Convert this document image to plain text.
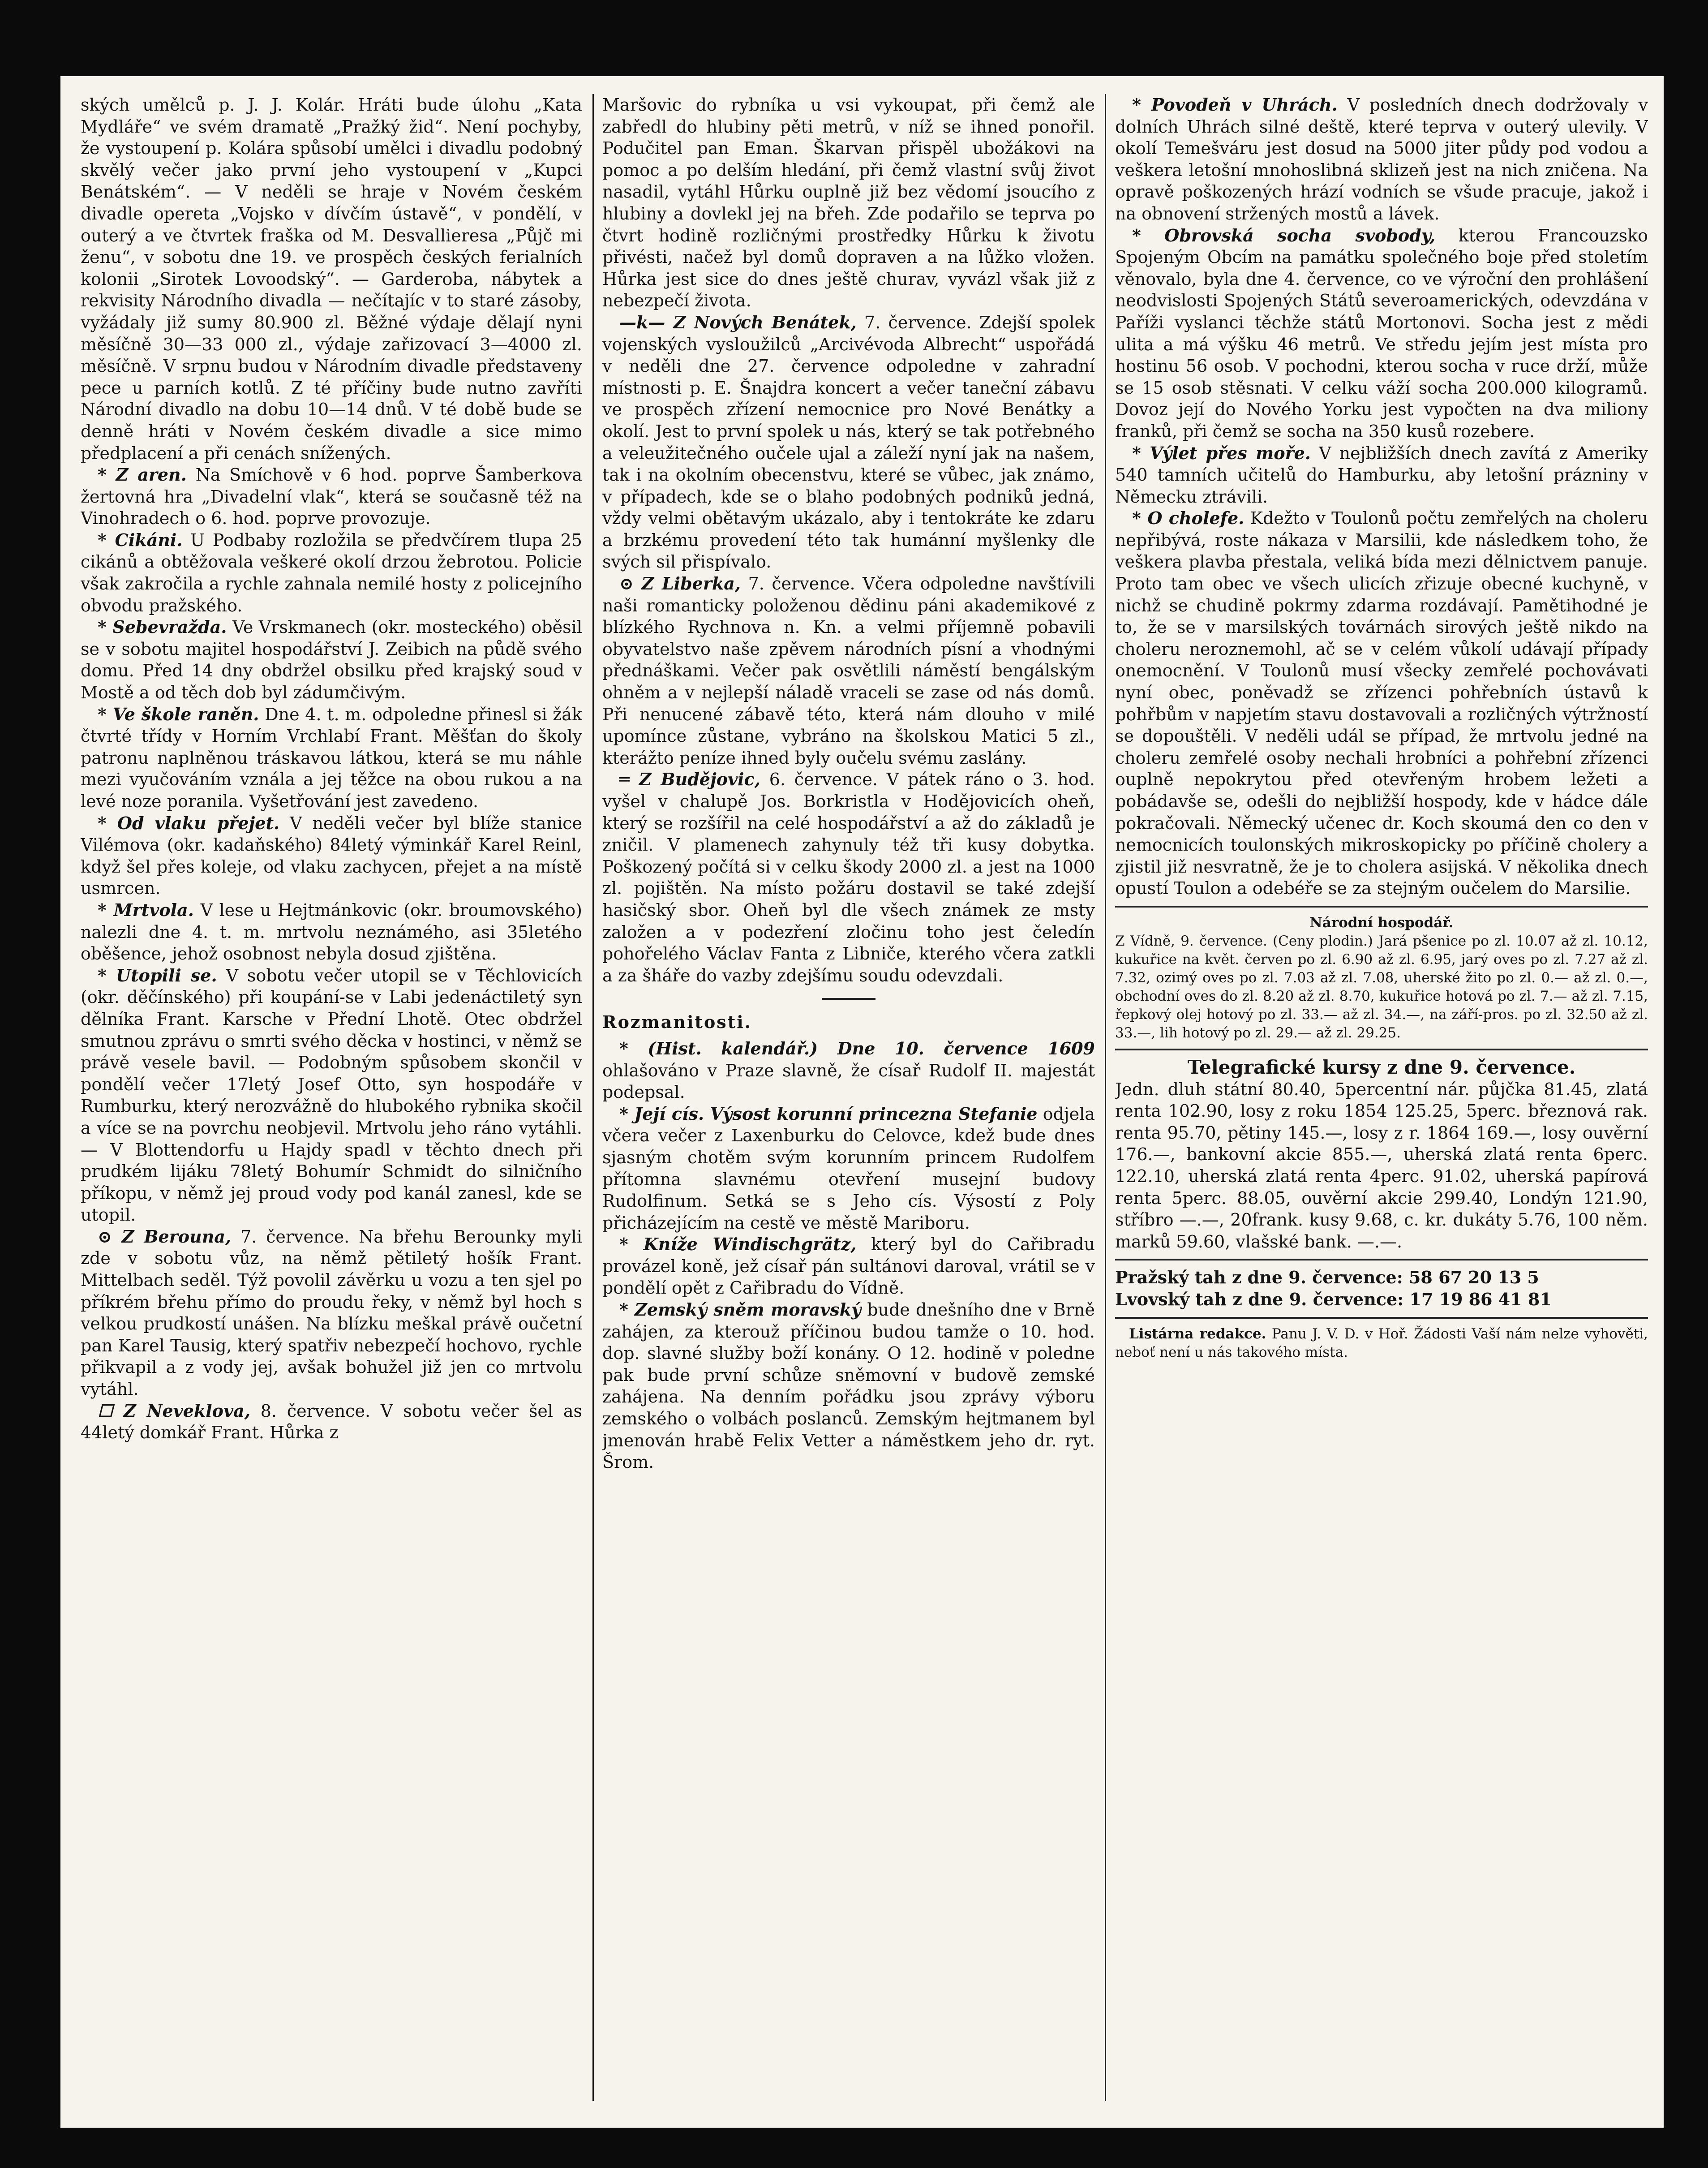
ských umělců p. J. J. Kolár. Hráti bude úlohu „Kata Mydláře“ ve svém dramatě „Pražký žid“. Není pochyby, že vystoupení p. Kolára spůsobí umělci i divadlu podobný skvělý večer jako první jeho vystoupení v „Kupci Benátském“. — V neděli se hraje v Novém českém divadle opereta „Vojsko v dívčím ústavě“, v pondělí, v outerý a ve čtvrtek fraška od M. Desvallieresa „Půjč mi ženu“, v sobotu dne 19. ve prospěch českých ferialních kolonii „Sirotek Lovoodský“. — Garderoba, nábytek a rekvisity Národního divadla — nečítajíc v to staré zásoby, vyžádaly již sumy 80.900 zl. Běžné výdaje dělají nyni měsíčně 30—33 000 zl., výdaje zařizovací 3—4000 zl. měsíčně. V srpnu budou v Národním divadle představeny pece u parních kotlů. Z té příčiny bude nutno zavříti Národní divadlo na dobu 10—14 dnů. V té době bude se denně hráti v Novém českém divadle a sice mimo předplacení a při cenách snížených.

 * Z aren. Na Smíchově v 6 hod. poprve Šamberkova žertovná hra „Divadelní vlak“, která se současně též na Vinohradech o 6. hod. poprve provozuje.

 * Cikáni. U Podbaby rozložila se předvčírem tlupa 25 cikánů a obtěžovala veškeré okolí drzou žebrotou. Policie však zakročila a rychle zahnala nemilé hosty z policejního obvodu pražského.

 * Sebevražda. Ve Vrskmanech (okr. mosteckého) oběsil se v sobotu majitel hospodářství J. Zeibich na půdě svého domu. Před 14 dny obdržel obsilku před krajský soud v Mostě a od těch dob byl zádumčivým.

 * Ve škole raněn. Dne 4. t. m. odpoledne přinesl si žák čtvrté třídy v Horním Vrchlabí Frant. Měšťan do školy patronu naplněnou tráskavou látkou, která se mu náhle mezi vyučováním vznála a jej těžce na obou rukou a na levé noze poranila. Vyšetřování jest zavedeno.

 * Od vlaku přejet. V neděli večer byl blíže stanice Vilémova (okr. kadaňského) 84letý výminkář Karel Reinl, když šel přes koleje, od vlaku zachycen, přejet a na místě usmrcen.

 * Mrtvola. V lese u Hejtmánkovic (okr. broumovského) nalezli dne 4. t. m. mrtvolu neznámého, asi 35letého oběšence, jehož osobnost nebyla dosud zjištěna.

 * Utopili se. V sobotu večer utopil se v Těchlovicích (okr. děčínského) při koupání-se v Labi jedenáctiletý syn dělníka Frant. Karsche v Přední Lhotě. Otec obdržel smutnou zprávu o smrti svého děcka v hostinci, v němž se právě vesele bavil. — Podobným spůsobem skončil v pondělí večer 17letý Josef Otto, syn hospodáře v Rumburku, který nerozvážně do hlubokého rybnika skočil a více se na povrchu neobjevil. Mrtvolu jeho ráno vytáhli. — V Blottendorfu u Hajdy spadl v těchto dnech při prudkém lijáku 78letý Bohumír Schmidt do silničního příkopu, v němž jej proud vody pod kanál zanesl, kde se utopil.

 ⊙ Z Berouna, 7. července. Na břehu Berounky myli zde v sobotu vůz, na němž pětiletý hošík Frant. Mittelbach seděl. Týž povolil závěrku u vozu a ten sjel po příkrém břehu přímo do proudu řeky, v němž byl hoch s velkou prudkostí unášen. Na blízku meškal právě oučetní pan Karel Tausig, který spatřiv nebezpečí hochovo, rychle přikvapil a z vody jej, avšak bohužel již jen co mrtvolu vytáhl.

 ☐ Z Neveklova, 8. července. V sobotu večer šel as 44letý domkář Frant. Hůrka z

Maršovic do rybníka u vsi vykoupat, při čemž ale zabředl do hlubiny pěti metrů, v níž se ihned ponořil. Podučitel pan Eman. Škarvan přispěl ubožákovi na pomoc a po delším hledání, při čemž vlastní svůj život nasadil, vytáhl Hůrku ouplně již bez vědomí jsoucího z hlubiny a dovlekl jej na břeh. Zde podařilo se teprva po čtvrt hodině rozličnými prostředky Hůrku k životu přivésti, načež byl domů dopraven a na lůžko vložen. Hůrka jest sice do dnes ještě churav, vyvázl však již z nebezpečí života.

 —k— Z Nových Benátek, 7. července. Zdejší spolek vojenských vysloužilců „Arcivévoda Albrecht“ uspořádá v neděli dne 27. července odpoledne v zahradní místnosti p. E. Šnajdra koncert a večer taneční zábavu ve prospěch zřízení nemocnice pro Nové Benátky a okolí. Jest to první spolek u nás, který se tak potřebného a veleužitečného oučele ujal a záleží nyní jak na našem, tak i na okolním obecenstvu, které se vůbec, jak známo, v případech, kde se o blaho podobných podniků jedná, vždy velmi obětavým ukázalo, aby i tentokráte ke zdaru a brzkému provedení této tak humánní myšlenky dle svých sil přispívalo.

 ⊙ Z Liberka, 7. července. Včera odpoledne navštívili naši romanticky položenou dědinu páni akademikové z blízkého Rychnova n. Kn. a velmi příjemně pobavili obyvatelstvo naše zpěvem národních písní a vhodnými přednáškami. Večer pak osvětlili náměstí bengálským ohněm a v nejlepší náladě vraceli se zase od nás domů. Při nenucené zábavě této, která nám dlouho v milé upomínce zůstane, vybráno na školskou Matici 5 zl., kterážto peníze ihned byly oučelu svému zaslány.

 ═ Z Budějovic, 6. července. V pátek ráno o 3. hod. vyšel v chalupě Jos. Borkristla v Hodějovicích oheň, který se rozšířil na celé hospodářství a až do základů je zničil. V plamenech zahynuly též tři kusy dobytka. Poškozený počítá si v celku škody 2000 zl. a jest na 1000 zl. pojištěn. Na místo požáru dostavil se také zdejší hasičský sbor. Oheň byl dle všech známek ze msty založen a v podezření zločinu toho jest čeledín pohořelého Václav Fanta z Libniče, kterého včera zatkli a za šháře do vazby zdejšímu soudu odevzdali.

Rozmanitosti.

 * (Hist. kalendář.) Dne 10. července 1609 ohlašováno v Praze slavně, že císař Rudolf II. majestát podepsal.

 * Její cís. Výsost korunní princezna Stefanie odjela včera večer z Laxenburku do Celovce, kdež bude dnes sjasným chotěm svým korunním princem Rudolfem přítomna slavnému otevření musejní budovy Rudolfinum. Setká se s Jeho cís. Výsostí z Poly přicházejícím na cestě ve městě Mariboru.

 * Kníže Windischgrätz, který byl do Cařibradu provázel koně, jež císař pán sultánovi daroval, vrátil se v pondělí opět z Cařibradu do Vídně.

 * Zemský sněm moravský bude dnešního dne v Brně zahájen, za kterouž příčinou budou tamže o 10. hod. dop. slavné služby boží konány. O 12. hodině v poledne pak bude první schůze sněmovní v budově zemské zahájena. Na denním pořádku jsou zprávy výboru zemského o volbách poslanců. Zemským hejtmanem byl jmenován hrabě Felix Vetter a náměstkem jeho dr. ryt. Šrom.

 * Povodeň v Uhrách. V posledních dnech dodržovaly v dolních Uhrách silné deště, které teprva v outerý ulevily. V okolí Temešváru jest dosud na 5000 jiter půdy pod vodou a veškera letošní mnohoslibná sklizeň jest na nich zničena. Na opravě poškozených hrází vodních se všude pracuje, jakož i na obnovení stržených mostů a lávek.

 * Obrovská socha svobody, kterou Francouzsko Spojeným Obcím na památku společného boje před stoletím věnovalo, byla dne 4. července, co ve výroční den prohlášení neodvislosti Spojených Států severoamerických, odevzdána v Paříži vyslanci těchže států Mortonovi. Socha jest z mědi ulita a má výšku 46 metrů. Ve středu jejím jest místa pro hostinu 56 osob. V pochodni, kterou socha v ruce drží, může se 15 osob stěsnati. V celku váží socha 200.000 kilogramů. Dovoz její do Nového Yorku jest vypočten na dva miliony franků, při čemž se socha na 350 kusů rozebere.

 * Výlet přes moře. V nejbližších dnech zavítá z Ameriky 540 tamních učitelů do Hamburku, aby letošní prázniny v Německu ztrávili.

 * O cholefe. Kdežto v Toulonů počtu zemřelých na choleru nepřibývá, roste nákaza v Marsilii, kde následkem toho, že veškera plavba přestala, veliká bída mezi dělnictvem panuje. Proto tam obec ve všech ulicích zřizuje obecné kuchyně, v nichž se chudině pokrmy zdarma rozdávají. Pamětihodné je to, že se v marsilských továrnách sirových ještě nikdo na choleru neroznemohl, ač se v celém vůkolí udávají případy onemocnění. V Toulonů musí všecky zemřelé pochovávati nyní obec, poněvadž se zřízenci pohřebních ústavů k pohřbům v napjetím stavu dostavovali a rozličných výtržností se dopouštěli. V neděli udál se případ, že mrtvolu jedné na choleru zemřelé osoby nechali hrobníci a pohřební zřízenci ouplně nepokrytou před otevřeným hrobem ležeti a pobádavše se, odešli do nejbližší hospody, kde v hádce dále pokračovali. Německý učenec dr. Koch skoumá den co den v nemocnicích toulonských mikroskopicky po příčině cholery a zjistil již nesvratně, že je to cholera asijská. V několika dnech opustí Toulon a odebéře se za stejným oučelem do Marsilie.

Národní hospodář.

Z Vídně, 9. července. (Ceny plodin.) Jará pšenice po zl. 10.07 až zl. 10.12, kukuřice na květ. červen po zl. 6.90 až zl. 6.95, jarý oves po zl. 7.27 až zl. 7.32, ozimý oves po zl. 7.03 až zl. 7.08, uherské žito po zl. 0.— až zl. 0.—, obchodní oves do zl. 8.20 až zl. 8.70, kukuřice hotová po zl. 7.— až zl. 7.15, řepkový olej hotový po zl. 33.— až zl. 34.—, na září-pros. po zl. 32.50 až zl. 33.—, lih hotový po zl. 29.— až zl. 29.25.

Telegrafické kursy z dne 9. července.

Jedn. dluh státní 80.40, 5percentní nár. půjčka 81.45, zlatá renta 102.90, losy z roku 1854 125.25, 5perc. březnová rak. renta 95.70, pětiny 145.—, losy z r. 1864 169.—, losy ouvěrní 176.—, bankovní akcie 855.—, uherská zlatá renta 6perc. 122.10, uherská zlatá renta 4perc. 91.02, uherská papírová renta 5perc. 88.05, ouvěrní akcie 299.40, Londýn 121.90, stříbro —.—, 20frank. kusy 9.68, c. kr. dukáty 5.76, 100 něm. marků 59.60, vlašské bank. —.—.

Pražský tah z dne 9. července: 58 67 20 13 5

Lvovský tah z dne 9. července: 17 19 86 41 81

 Listárna redakce. Panu J. V. D. v Hoř. Žádosti Vaší nám nelze vyhověti, neboť není u nás takového místa.
